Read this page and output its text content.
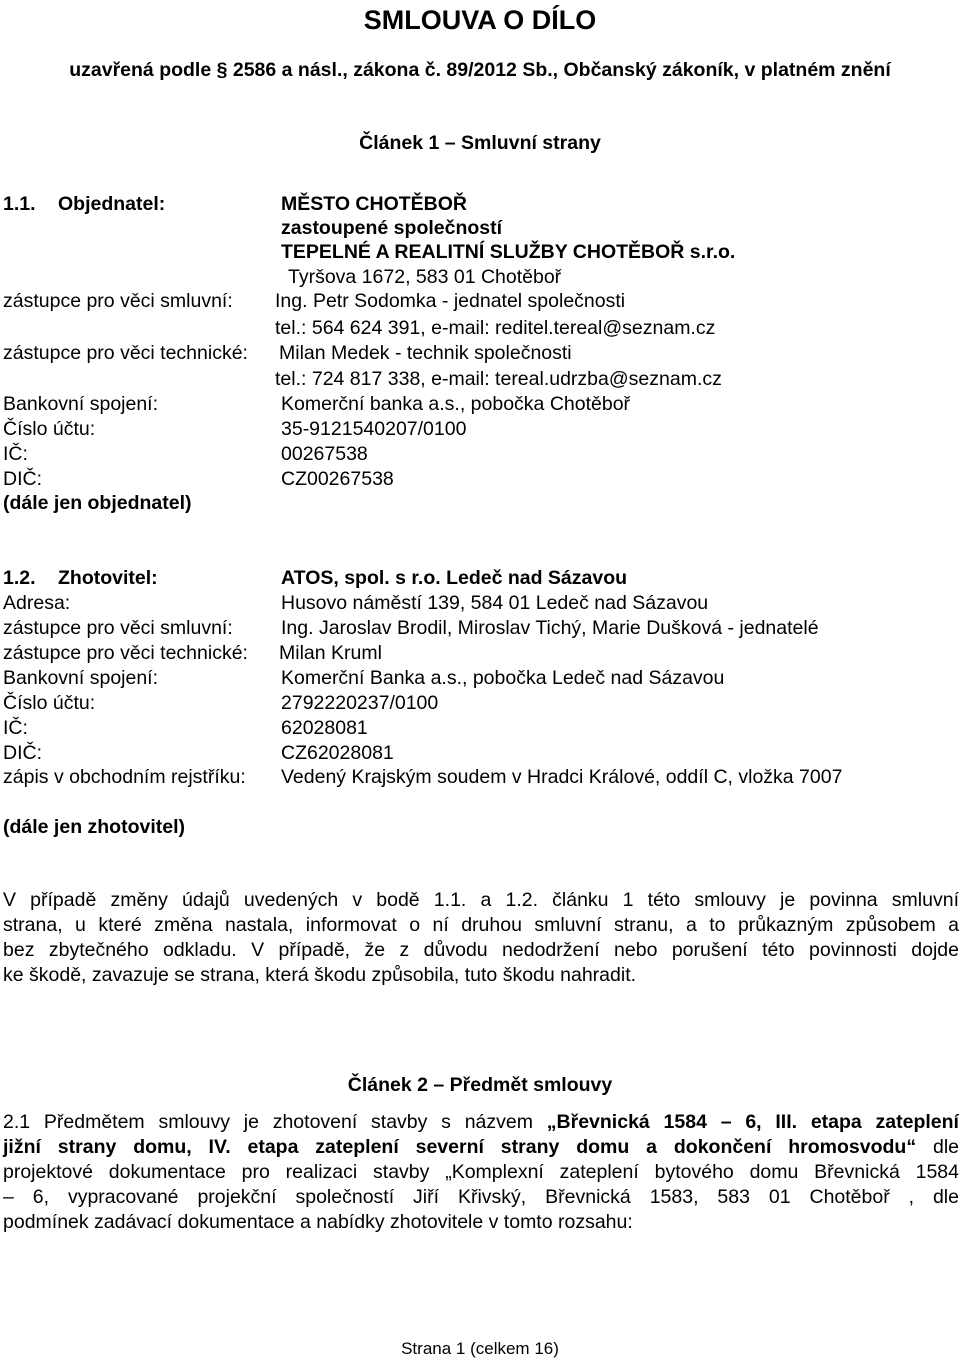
SMLOUVA O DÍLO
uzavřená podle § 2586 a násl., zákona č. 89/2012 Sb., Občanský zákoník, v platném znění
Článek 1 – Smluvní strany
1.1. Objednatel:	MĚSTO CHOTĚBOŘ
zastoupené společností
TEPELNÉ A REALITNÍ SLUŽBY CHOTĚBOŘ s.r.o.
Tyršova 1672, 583 01 Chotěboř
zástupce pro věci smluvní: Ing. Petr Sodomka - jednatel společnosti
tel.: 564 624 391, e-mail: reditel.tereal@seznam.cz
zástupce pro věci technické: Milan Medek - technik společnosti
tel.: 724 817 338, e-mail: tereal.udrzba@seznam.cz
Bankovní spojení:	Komerční banka a.s., pobočka Chotěboř
Číslo účtu:	35-9121540207/0100
IČ:	00267538
DIČ:	CZ00267538
(dále jen objednatel)
1.2. Zhotovitel:	ATOS, spol. s r.o. Ledeč nad Sázavou
Adresa:	Husovo náměstí 139, 584 01 Ledeč nad Sázavou
zástupce pro věci smluvní: Ing. Jaroslav Brodil, Miroslav Tichý, Marie Dušková - jednatelé
zástupce pro věci technické: Milan Kruml
Bankovní spojení:	Komerční Banka a.s., pobočka Ledeč nad Sázavou
Číslo účtu:	2792220237/0100
IČ:	62028081
DIČ:	CZ62028081
zápis v obchodním rejstříku: Vedený Krajským soudem v Hradci Králové, oddíl C, vložka 7007
(dále jen zhotovitel)
V případě změny údajů uvedených v bodě 1.1. a 1.2. článku 1 této smlouvy je povinna smluvní
strana, u které změna nastala, informovat o ní druhou smluvní stranu, a to průkazným způsobem a
bez zbytečného odkladu. V případě, že z důvodu nedodržení nebo porušení této povinnosti dojde
ke škodě, zavazuje se strana, která škodu způsobila, tuto škodu nahradit.
Článek 2 – Předmět smlouvy
2.1 Předmětem smlouvy je zhotovení stavby s názvem „Břevnická 1584 – 6, III. etapa zateplení
jižní strany domu, IV. etapa zateplení severní strany domu a dokončení hromosvodu“ dle
projektové dokumentace pro realizaci stavby „Komplexní zateplení bytového domu Břevnická 1584
– 6, vypracované projekční společností Jiří Křivský, Břevnická 1583, 583 01 Chotěboř , dle
podmínek zadávací dokumentace a nabídky zhotovitele v tomto rozsahu:
Strana 1 (celkem 16)
